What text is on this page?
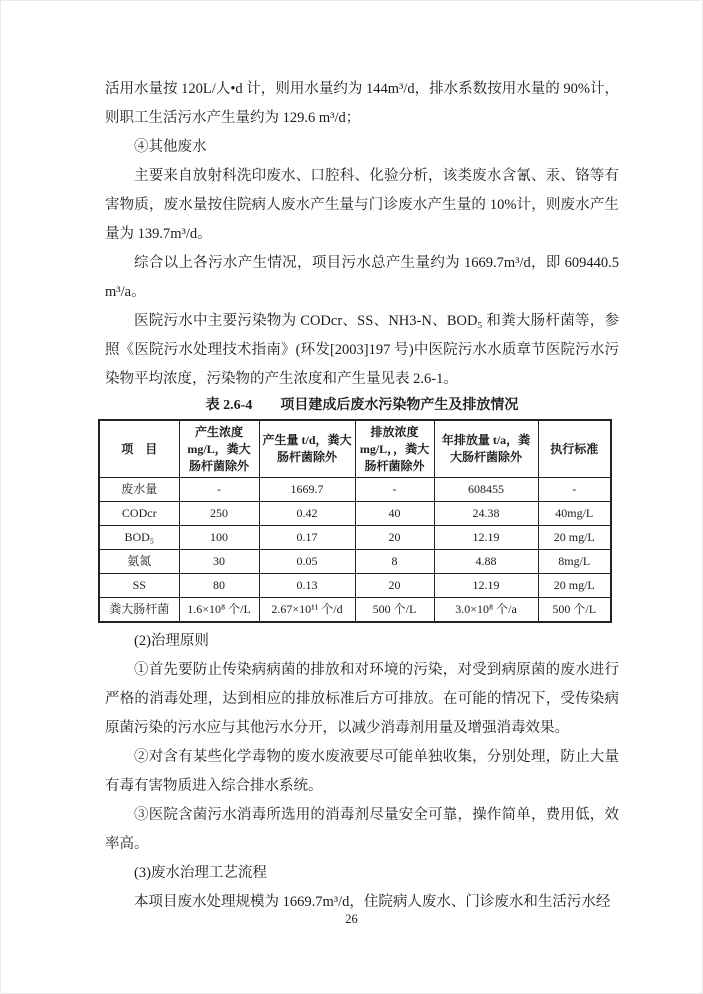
活用水量按 120L/人•d 计，则用水量约为 144m³/d，排水系数按用水量的 90%计，则职工生活污水产生量约为 129.6 m³/d；

④其他废水

主要来自放射科洗印废水、口腔科、化验分析，该类废水含氰、汞、铬等有害物质，废水量按住院病人废水产生量与门诊废水产生量的 10%计，则废水产生量为 139.7m³/d。

综合以上各污水产生情况，项目污水总产生量约为 1669.7m³/d，即 609440.5 m³/a。

医院污水中主要污染物为 CODcr、SS、NH3-N、BOD₅ 和粪大肠杆菌等，参照《医院污水处理技术指南》(环发[2003]197 号)中医院污水水质章节医院污水污染物平均浓度，污染物的产生浓度和产生量见表 2.6-1。

表 2.6-4 项目建成后废水污染物产生及排放情况

项　目	产生浓度 mg/L，粪大肠杆菌除外	产生量 t/d，粪大肠杆菌除外	排放浓度 mg/L，，粪大肠杆菌除外	年排放量 t/a，粪大肠杆菌除外	执行标准
废水量	-	1669.7	-	608455	-
CODcr	250	0.42	40	24.38	40mg/L
BOD₅	100	0.17	20	12.19	20 mg/L
氨氮	30	0.05	8	4.88	8mg/L
SS	80	0.13	20	12.19	20 mg/L
粪大肠杆菌	1.6×10⁸ 个/L	2.67×10¹¹ 个/d	500 个/L	3.0×10⁸ 个/a	500 个/L

(2)治理原则

①首先要防止传染病病菌的排放和对环境的污染，对受到病原菌的废水进行严格的消毒处理，达到相应的排放标准后方可排放。在可能的情况下，受传染病原菌污染的污水应与其他污水分开，以减少消毒剂用量及增强消毒效果。

②对含有某些化学毒物的废水废液要尽可能单独收集，分别处理，防止大量有毒有害物质进入综合排水系统。

③医院含菌污水消毒所选用的消毒剂尽量安全可靠，操作简单，费用低，效率高。

(3)废水治理工艺流程

本项目废水处理规模为 1669.7m³/d，住院病人废水、门诊废水和生活污水经

26
